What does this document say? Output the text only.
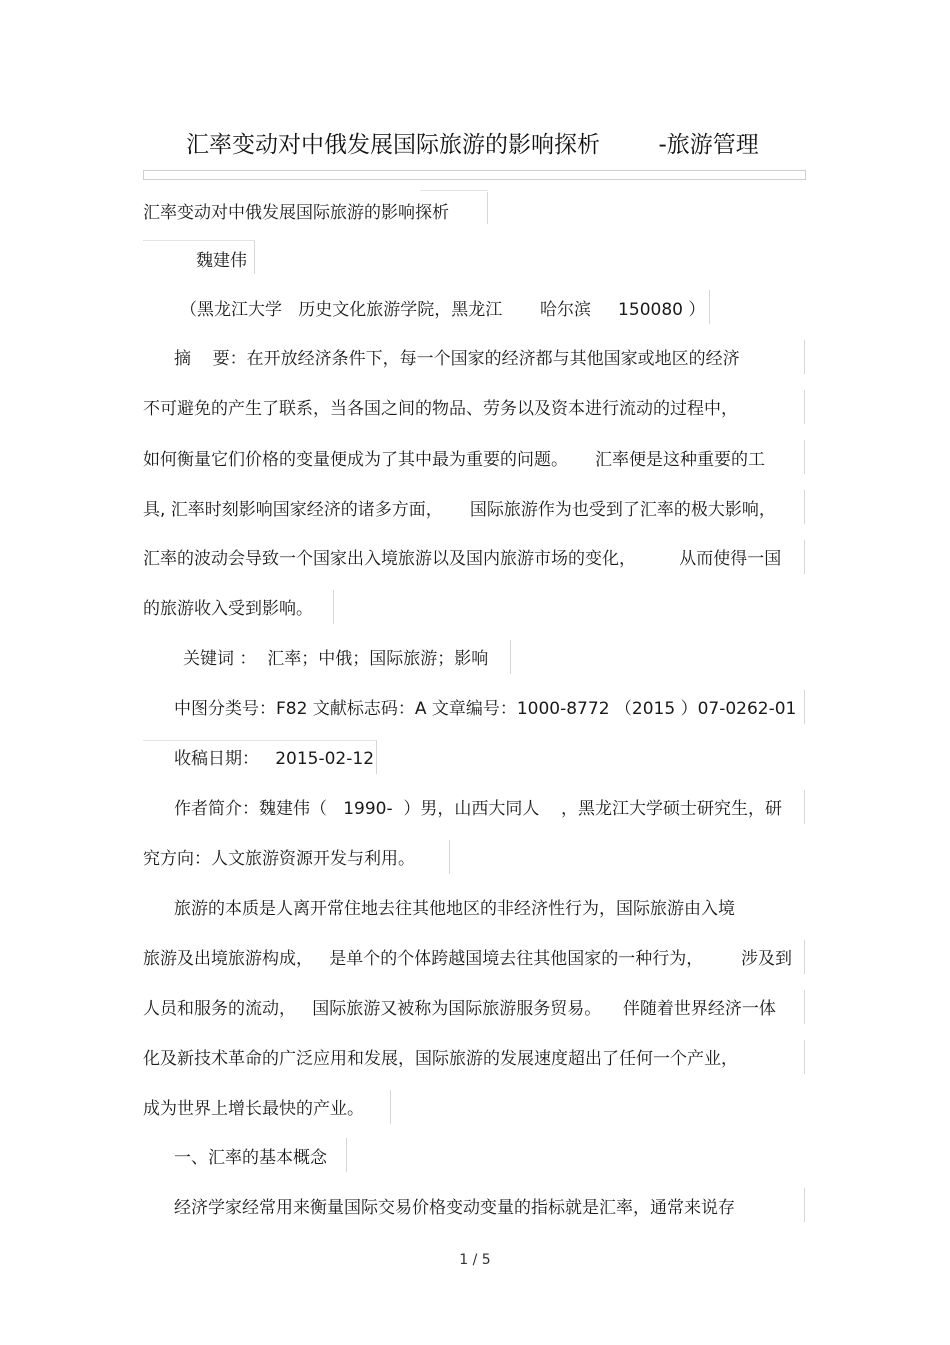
汇率变动对中俄发展国际旅游的影响探析        -旅游管理
汇率变动对中俄发展国际旅游的影响探析
魏建伟
（黑龙江大学   历史文化旅游学院，黑龙江       哈尔滨     150080 ）
摘    要：在开放经济条件下，每一个国家的经济都与其他国家或地区的经济
不可避免的产生了联系，当各国之间的物品、劳务以及资本进行流动的过程中，
如何衡量它们价格的变量便成为了其中最为重要的问题。     汇率便是这种重要的工
具, 汇率时刻影响国家经济的诸多方面，     国际旅游作为也受到了汇率的极大影响，
汇率的波动会导致一个国家出入境旅游以及国内旅游市场的变化，        从而使得一国
的旅游收入受到影响。
关键词 ：  汇率；中俄；国际旅游；影响
中图分类号：F82 文献标志码：A 文章编号：1000-8772 （2015 ）07-0262-01
收稿日期：   2015-02-12
作者简介：魏建伟（   1990-  ）男，山西大同人    ，黑龙江大学硕士研究生，研
究方向：人文旅游资源开发与利用。
旅游的本质是人离开常住地去往其他地区的非经济性行为，国际旅游由入境
旅游及出境旅游构成，   是单个的个体跨越国境去往其他国家的一种行为，       涉及到
人员和服务的流动，   国际旅游又被称为国际旅游服务贸易。    伴随着世界经济一体
化及新技术革命的广泛应用和发展，国际旅游的发展速度超出了任何一个产业，
成为世界上增长最快的产业。
一、汇率的基本概念
经济学家经常用来衡量国际交易价格变动变量的指标就是汇率，通常来说存
1 / 5
